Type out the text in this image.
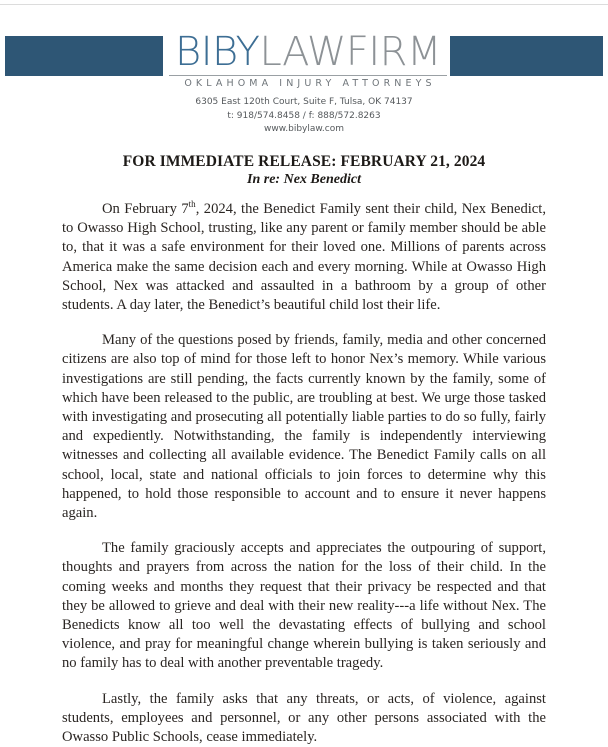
BIBYLAWFIRM
OKLAHOMA INJURY ATTORNEYS
6305 East 120th Court, Suite F, Tulsa, OK 74137
t: 918/574.8458 / f: 888/572.8263
www.bibylaw.com
FOR IMMEDIATE RELEASE: FEBRUARY 21, 2024
In re: Nex Benedict

On February 7th, 2024, the Benedict Family sent their child, Nex Benedict, to Owasso High School, trusting, like any parent or family member should be able to, that it was a safe environment for their loved one. Millions of parents across America make the same decision each and every morning. While at Owasso High School, Nex was attacked and assaulted in a bathroom by a group of other students. A day later, the Benedict’s beautiful child lost their life.

Many of the questions posed by friends, family, media and other concerned citizens are also top of mind for those left to honor Nex’s memory. While various investigations are still pending, the facts currently known by the family, some of which have been released to the public, are troubling at best. We urge those tasked with investigating and prosecuting all potentially liable parties to do so fully, fairly and expediently. Notwithstanding, the family is independently interviewing witnesses and collecting all available evidence. The Benedict Family calls on all school, local, state and national officials to join forces to determine why this happened, to hold those responsible to account and to ensure it never happens again.

The family graciously accepts and appreciates the outpouring of support, thoughts and prayers from across the nation for the loss of their child. In the coming weeks and months they request that their privacy be respected and that they be allowed to grieve and deal with their new reality---a life without Nex. The Benedicts know all too well the devastating effects of bullying and school violence, and pray for meaningful change wherein bullying is taken seriously and no family has to deal with another preventable tragedy.

Lastly, the family asks that any threats, or acts, of violence, against students, employees and personnel, or any other persons associated with the Owasso Public Schools, cease immediately.
